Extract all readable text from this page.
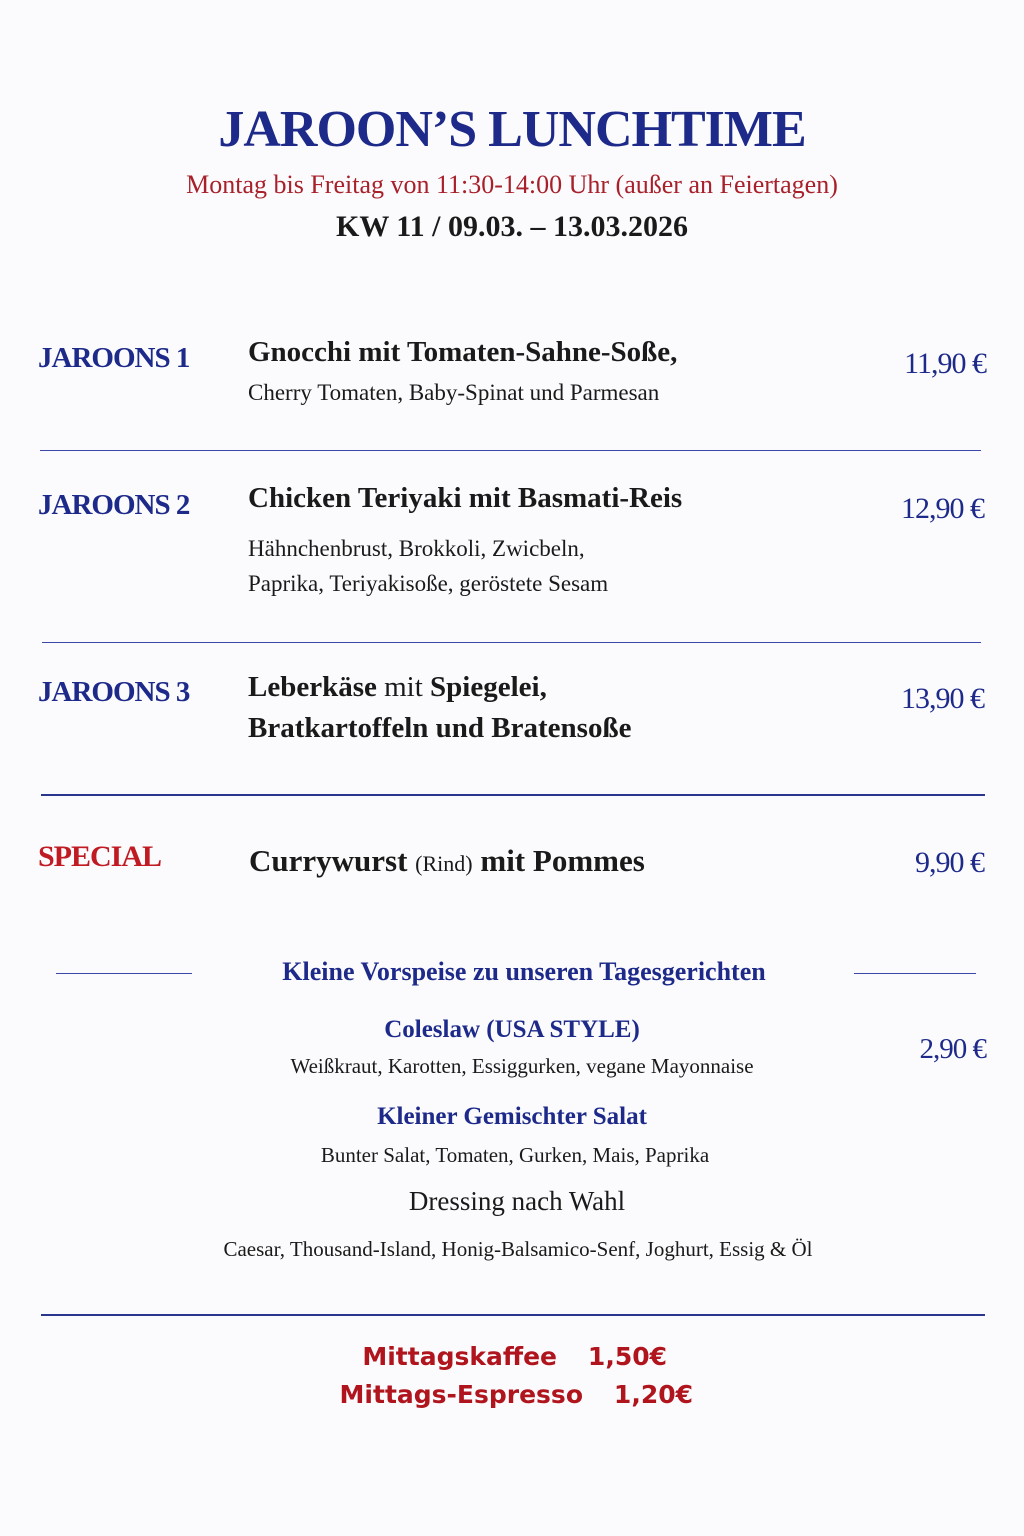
JAROON’S LUNCHTIME
Montag bis Freitag von 11:30-14:00 Uhr (außer an Feiertagen)
KW 11 / 09.03. – 13.03.2026
JAROONS 1 Gnocchi mit Tomaten-Sahne-Soße,
Cherry Tomaten, Baby-Spinat und Parmesan
11,90 €
JAROONS 2 Chicken Teriyaki mit Basmati-Reis
Hähnchenbrust, Brokkoli, Zwicbeln,
Paprika, Teriyakisoße, geröstete Sesam
12,90 €
JAROONS 3 Leberkäse mit Spiegelei,
Bratkartoffeln und Bratensoße
13,90 €
SPECIAL	Currywurst (Rind) mit Pommes	9,90 €
Kleine Vorspeise zu unseren Tagesgerichten
Coleslaw (USA STYLE)
Weißkraut, Karotten, Essiggurken, vegane Mayonnaise
2,90 €
Kleiner Gemischter Salat
Bunter Salat, Tomaten, Gurken, Mais, Paprika
Dressing nach Wahl
Caesar, Thousand-Island, Honig-Balsamico-Senf, Joghurt, Essig & Öl
Mittagskaffee 1,50€
Mittags-Espresso 1,20€
